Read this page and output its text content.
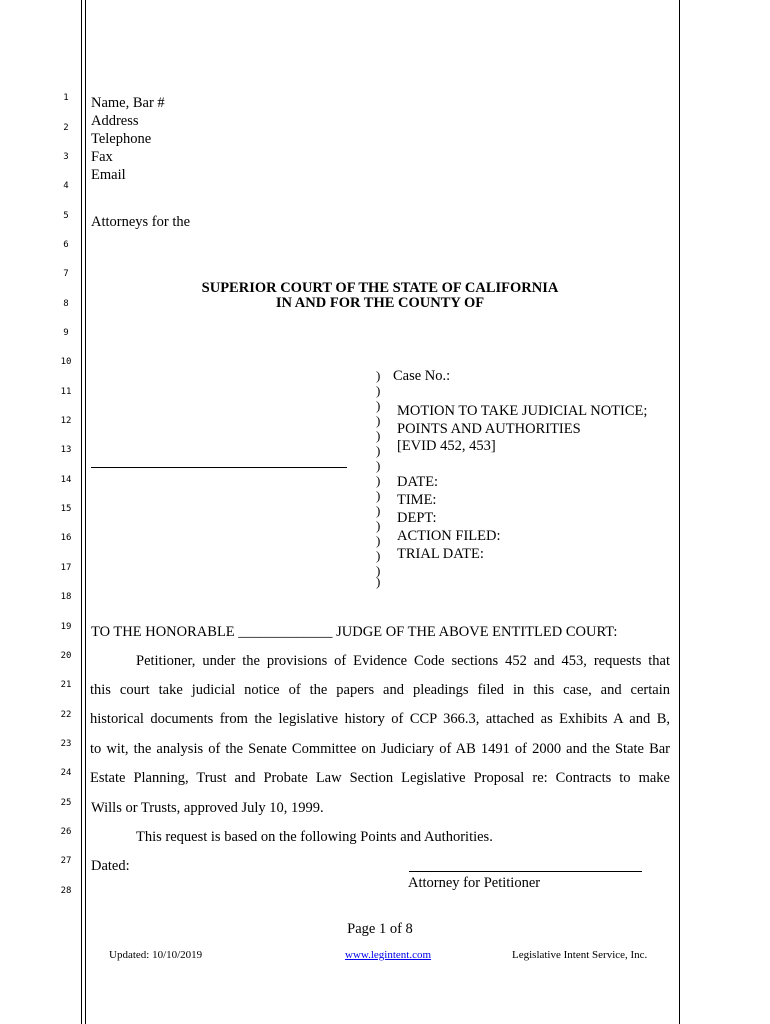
1
2
3
4
5
6
7
8
9
10
11
12
13
14
15
16
17
18
19
20
21
22
23
24
25
26
27
28
Name, Bar #
Address
Telephone
Fax
Email
Attorneys for the
SUPERIOR COURT OF THE STATE OF CALIFORNIA
IN AND FOR THE COUNTY OF
)
)
)
)
)
)
)
)
)
)
)
)
)
)
)
Case No.:
MOTION TO TAKE JUDICIAL NOTICE;
POINTS AND AUTHORITIES
[EVID 452, 453]
DATE:
TIME:
DEPT:
ACTION FILED:
TRIAL DATE:
TO THE HONORABLE _____________ JUDGE OF THE ABOVE ENTITLED COURT:
Petitioner, under the provisions of Evidence Code sections 452 and 453, requests that
this court take judicial notice of the papers and pleadings filed in this case, and certain
historical documents from the legislative history of CCP 366.3, attached as Exhibits A and B,
to wit, the analysis of the Senate Committee on Judiciary of AB 1491 of 2000 and the State Bar
Estate Planning, Trust and Probate Law Section Legislative Proposal re: Contracts to make
Wills or Trusts, approved July 10, 1999.
This request is based on the following Points and Authorities.
Dated:
Attorney for Petitioner
Page 1 of 8
Updated: 10/10/2019	www.legintent.com	Legislative Intent Service, Inc.
